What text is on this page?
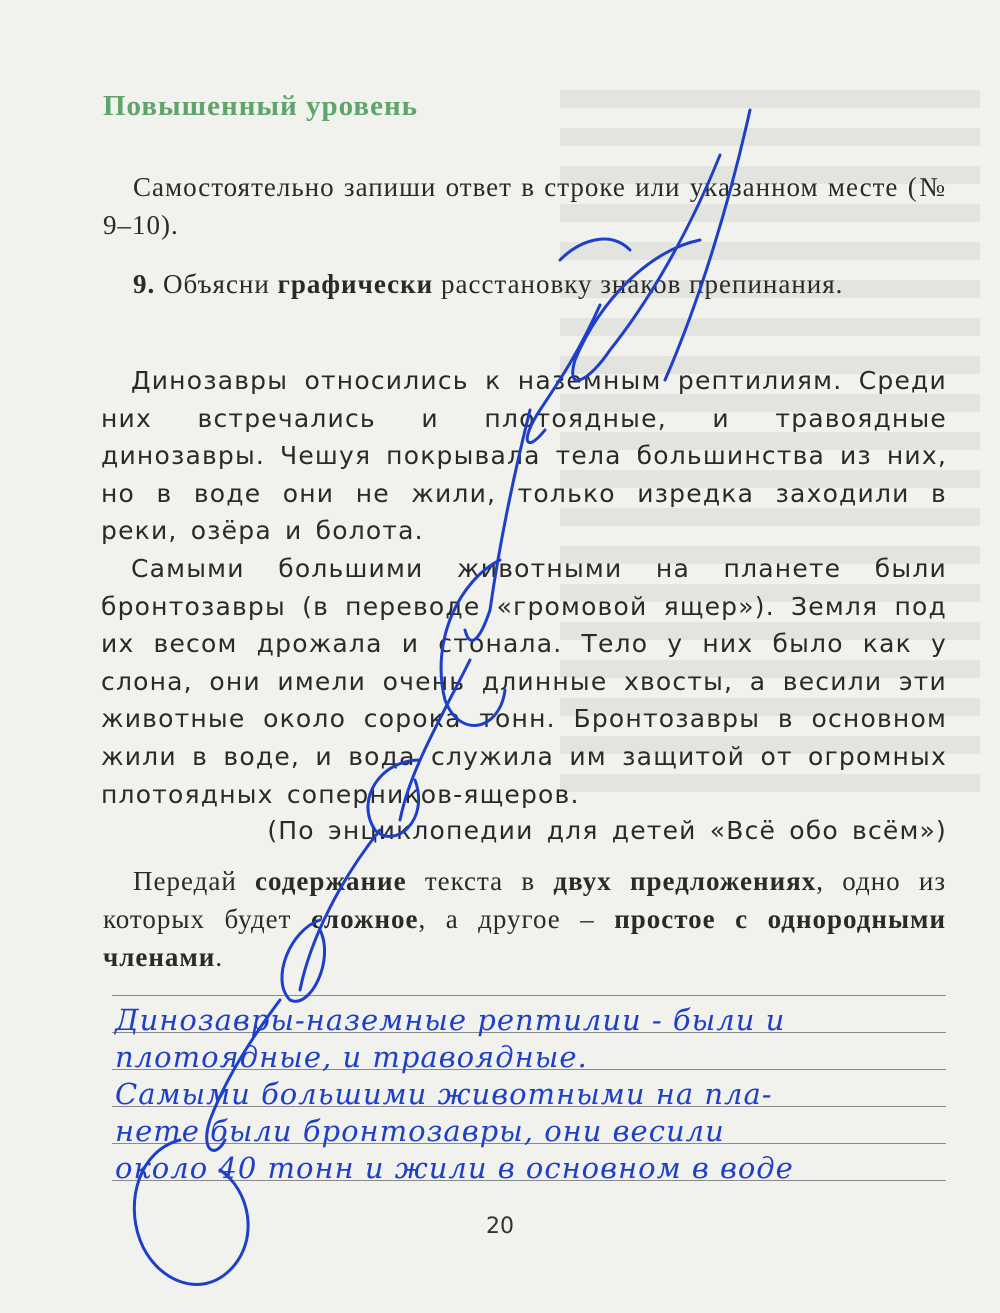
Повышенный уровень
Самостоятельно запиши ответ в строке или указанном месте (№ 9–10).
9. Объясни графически расстановку знаков препинания.

Динозавры относились к наземным рептилиям. Среди них встречались и плотоядные, и травоядные динозавры. Чешуя покрывала тела большинства из них, но в воде они не жили, только изредка заходили в реки, озёра и болота.

Самыми большими животными на планете были бронтозавры (в переводе «громовой ящер»). Земля под их весом дрожала и стонала. Тело у них было как у слона, они имели очень длинные хвосты, а весили эти животные около сорока тонн. Бронтозавры в основном жили в воде, и вода служила им защитой от огромных плотоядных соперников-ящеров.

(По энциклопедии для детей «Всё обо всём»)
Передай содержание текста в двух предложениях, одно из которых будет сложное, а другое – простое с однородными членами.
Динозавры-наземные рептилии - были и
плотоядные, и травоядные.
Самыми большими животными на пла-
нете были бронтозавры, они весили
около 40 тонн и жили в основном в воде
20
